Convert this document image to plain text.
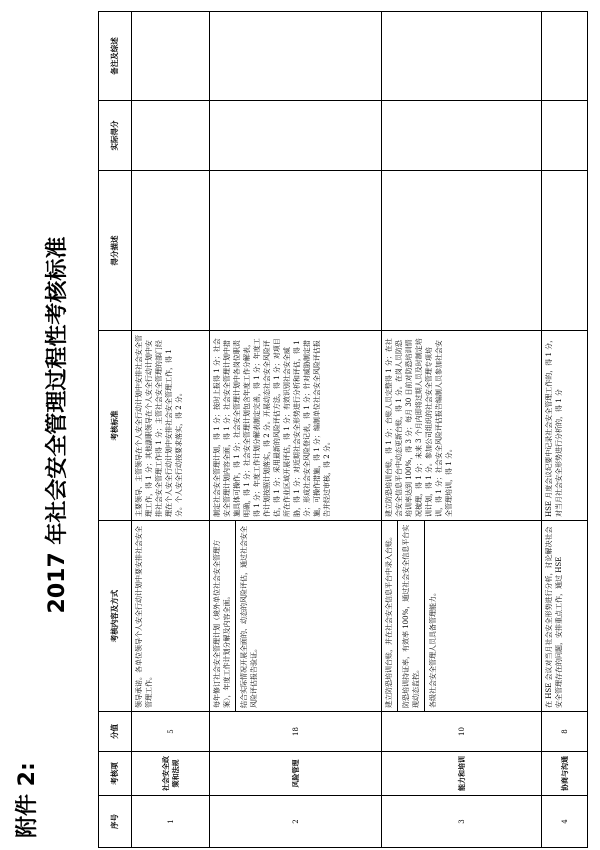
附件 2:
2017 年社会安全管理过程性考核标准
序号	考核项	分值	考核内容及方式	考核标准	得分描述	实际得分	备注及综述
1	社会安全政策和法规	5	领导承诺。各单位领导个人安全行动计划中要安排社会安全管理工作。	主要领导、主管领导在个人安全行动计划中安排社会安全管理工作，得 1 分；其他副职领导在个人安全行动计划中安排社会安全管理工作得 1 分；主管社会安全管理的部门经理在个人安全行动计划中安排社会安全管理工作，得 1 分。个人安全行动按要求落实，得 2 分。			
2	风险管理	18	每年修订社会安全管理计划（境外单位社会安全管理方案），年度工作计划分解及内容全面。 结合实际情况开展全面的、动态的风险评估，通过社会安全风险评估报告验证。	制定社会安全管理计划，得 1 分；按时上报得 1 分；社会安全管理计划内容全面，得 1 分；社会安全管理计划中措施具体可操作，得 1 分；社会安全管理计划中各岗位职责明确，得 1 分；社会安全管理计划包含年度工作分解表，得 1 分；年度工作计划分解表制定完善，得 1 分；年度工作计划按照计划落实，得 2 分。开展动态社会安全风险评估，得 1 分；采用最新的风险评估方法，得 1 分；对项目所在作业区域开展评估，得 1 分；有效识别社会安全威胁，得 1 分；对近期社会安全形势进行分析和评估，得 1 分；形成社会安全风险登记表，得 1 分；针对威胁制定措施，可操作措施，得 1 分；编制单位社会安全风险评估报告并经过审核，得 2 分。			
3	能力和培训	10	建立防恐培训台账，并在社会安全信息平台中录入台账。 防恐培训持证率，有效率 100%，通过社会安全信息平台实现动态监控。 各级社会安全管理人员具备管理能力。	建立防恐培训台账，得 1 分；台账人员完整得 1 分；在社会安全信息平台中动态更新台账，得 1 分。在岗人员防恐培训率达到 100%，得 3 分；每月 30 日前对防恐培训情况梳理，得 1 分；未来 3 个月内即将过期人员及时制定培训计划，得 1 分。参加公司组织的社会安全管理专项培训，得 1 分；社会安全风险评估报告编制人员参加社会安全管理培训，得 1 分。			
4	协商与沟通	8	在 HSE 会议对当月社会安全形势进行分析，讨论解决社会安全管理存在的问题，安排重点工作，通过 HSE	HSE 月度会议纪要中记录社会安全管理工作的，得 1 分，对当月社会安全形势进行分析的，得 1 分			
